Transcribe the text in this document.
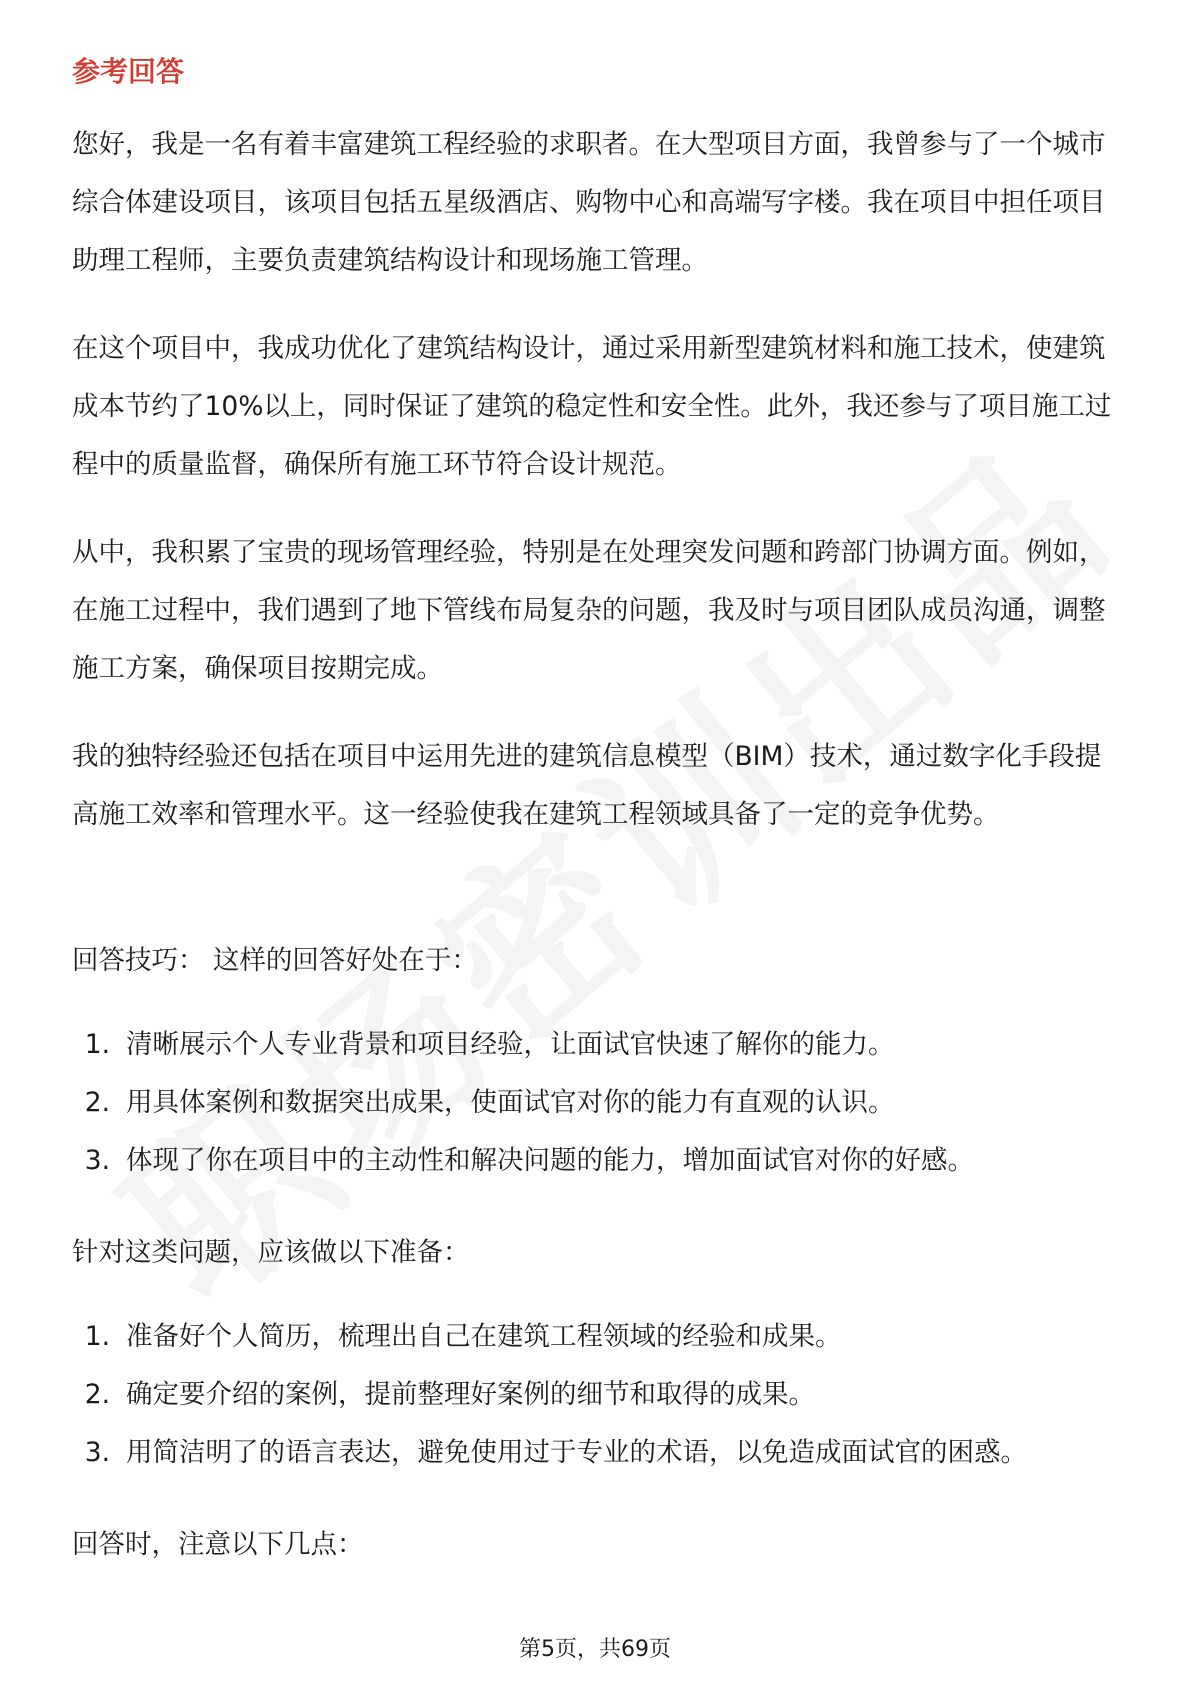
参考回答

您好，我是一名有着丰富建筑工程经验的求职者。在大型项目方面，我曾参与了一个城市综合体建设项目，该项目包括五星级酒店、购物中心和高端写字楼。我在项目中担任项目助理工程师，主要负责建筑结构设计和现场施工管理。

在这个项目中，我成功优化了建筑结构设计，通过采用新型建筑材料和施工技术，使建筑成本节约了10%以上，同时保证了建筑的稳定性和安全性。此外，我还参与了项目施工过程中的质量监督，确保所有施工环节符合设计规范。

从中，我积累了宝贵的现场管理经验，特别是在处理突发问题和跨部门协调方面。例如，在施工过程中，我们遇到了地下管线布局复杂的问题，我及时与项目团队成员沟通，调整施工方案，确保项目按期完成。

我的独特经验还包括在项目中运用先进的建筑信息模型（BIM）技术，通过数字化手段提高施工效率和管理水平。这一经验使我在建筑工程领域具备了一定的竞争优势。

回答技巧： 这样的回答好处在于：

1. 清晰展示个人专业背景和项目经验，让面试官快速了解你的能力。
2. 用具体案例和数据突出成果，使面试官对你的能力有直观的认识。
3. 体现了你在项目中的主动性和解决问题的能力，增加面试官对你的好感。

针对这类问题，应该做以下准备：

1. 准备好个人简历，梳理出自己在建筑工程领域的经验和成果。
2. 确定要介绍的案例，提前整理好案例的细节和取得的成果。
3. 用简洁明了的语言表达，避免使用过于专业的术语，以免造成面试官的困惑。

回答时，注意以下几点：

第5页，共69页
